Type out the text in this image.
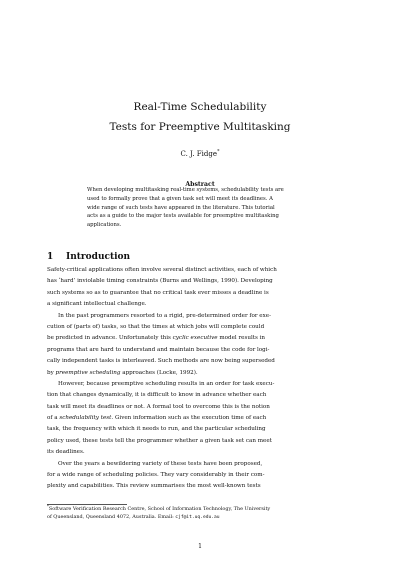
Real-Time Schedulability
Tests for Preemptive Multitasking
C. J. Fidge*
Abstract
When developing multitasking real-time systems, schedulability tests are
used to formally prove that a given task set will meet its deadlines. A
wide range of such tests have appeared in the literature. This tutorial
acts as a guide to the major tests available for preemptive multitasking
applications.
1 Introduction
Safety-critical applications often involve several distinct activities, each of which
has ‘hard’ inviolable timing constraints (Burns and Wellings, 1990). Developing
such systems so as to guarantee that no critical task ever misses a deadline is
a significant intellectual challenge.
In the past programmers resorted to a rigid, pre-determined order for exe-
cution of (parts of) tasks, so that the times at which jobs will complete could
be predicted in advance. Unfortunately this cyclic executive model results in
programs that are hard to understand and maintain because the code for logi-
cally independent tasks is interleaved. Such methods are now being superseded
by preemptive scheduling approaches (Locke, 1992).
However, because preemptive scheduling results in an order for task execu-
tion that changes dynamically, it is difficult to know in advance whether each
task will meet its deadlines or not. A formal tool to overcome this is the notion
of a schedulability test. Given information such as the execution time of each
task, the frequency with which it needs to run, and the particular scheduling
policy used, these tests tell the programmer whether a given task set can meet
its deadlines.
Over the years a bewildering variety of these tests have been proposed,
for a wide range of scheduling policies. They vary considerably in their com-
plexity and capabilities. This review summarises the most well-known tests
*Software Verification Research Centre, School of Information Technology, The University
of Queensland, Queensland 4072, Australia. Email: cjf@it.uq.edu.au
1
